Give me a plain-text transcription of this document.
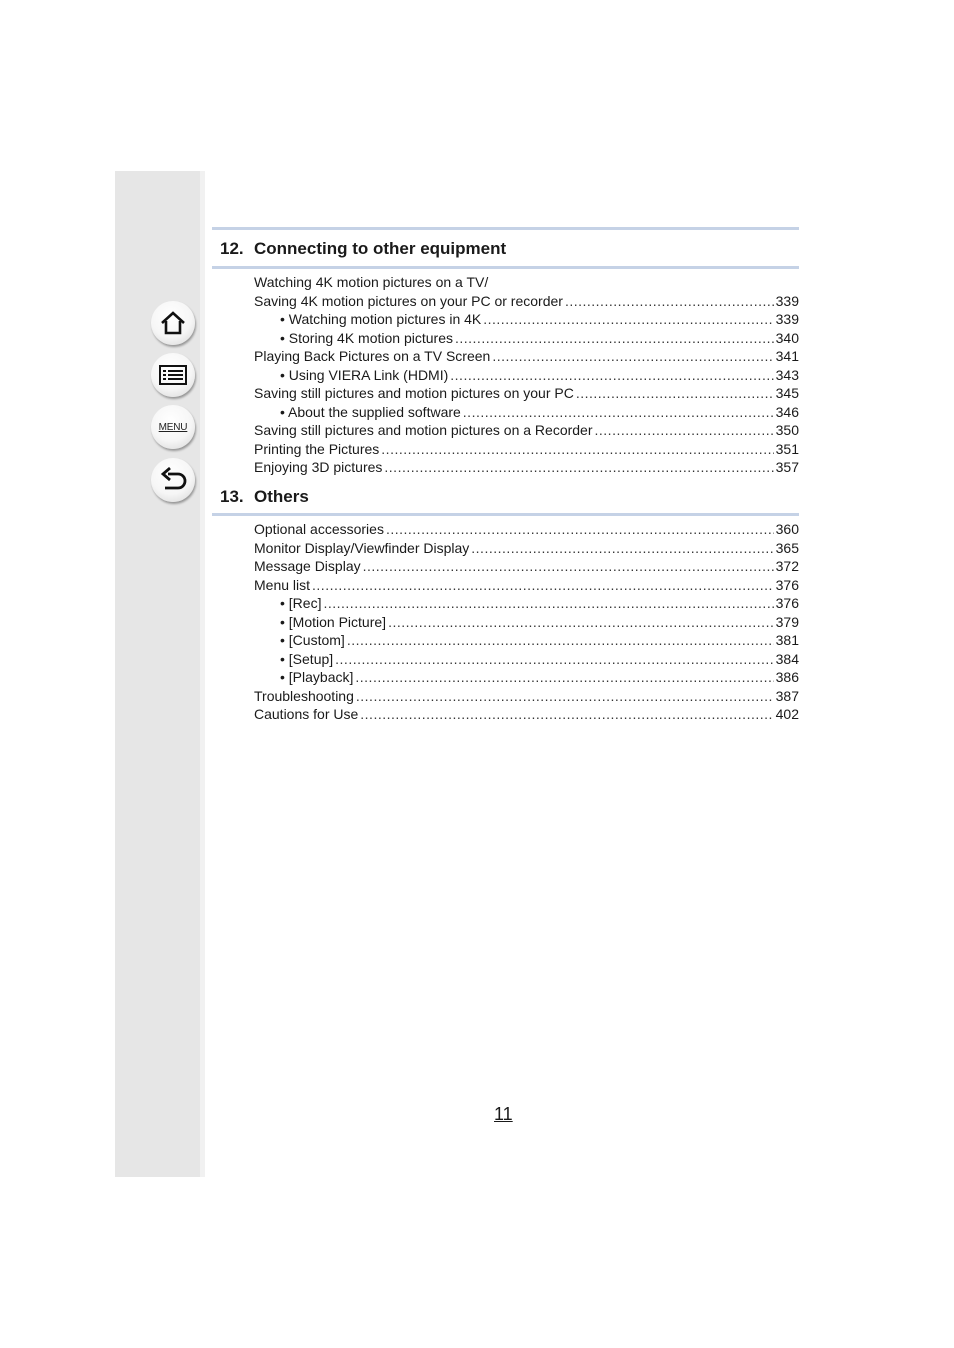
MENU
12. Connecting to other equipment
Watching 4K motion pictures on a TV/
Saving 4K motion pictures on your PC or recorder .....	339
• Watching motion pictures in 4K .....	339
• Storing 4K motion pictures .....	340
Playing Back Pictures on a TV Screen .....	341
• Using VIERA Link (HDMI) .....	343
Saving still pictures and motion pictures on your PC .....	345
• About the supplied software .....	346
Saving still pictures and motion pictures on a Recorder .....	350
Printing the Pictures .....	351
Enjoying 3D pictures .....	357
13. Others
Optional accessories .....	360
Monitor Display/Viewfinder Display .....	365
Message Display .....	372
Menu list .....	376
• [Rec] .....	376
• [Motion Picture] .....	379
• [Custom] .....	381
• [Setup] .....	384
• [Playback] .....	386
Troubleshooting .....	387
Cautions for Use .....	402
11
